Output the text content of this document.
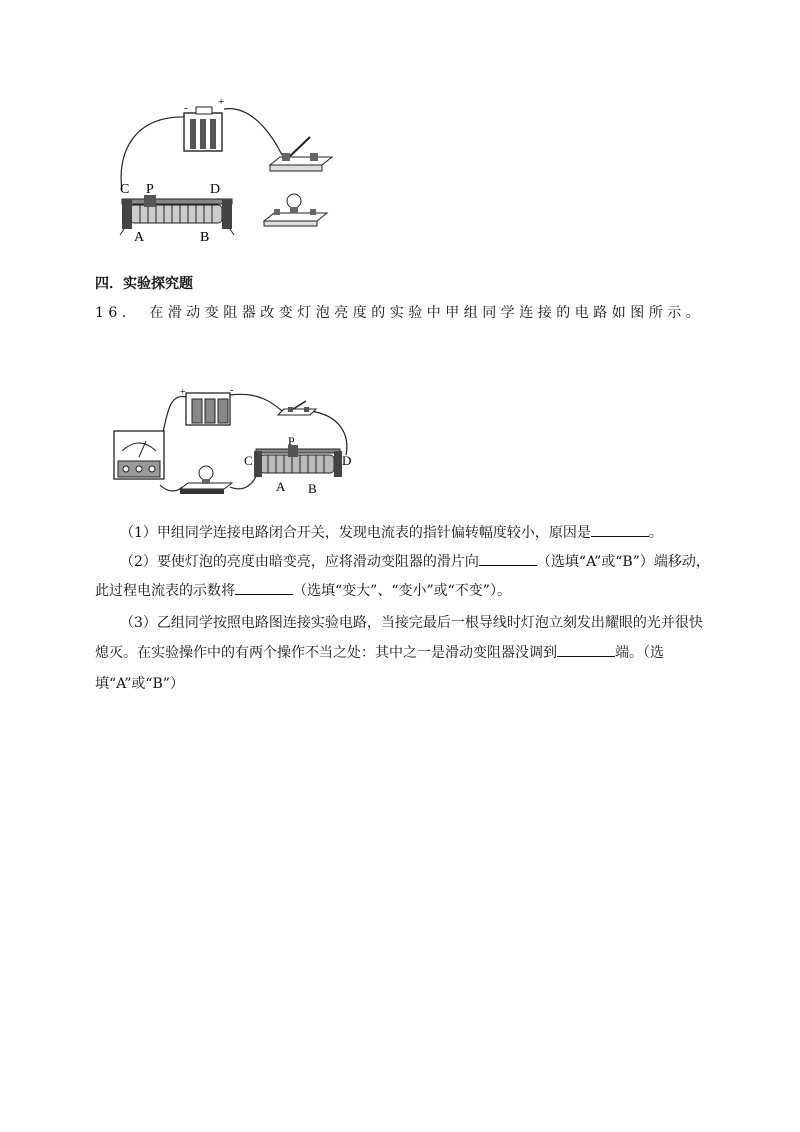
-	+
C P	D
A	B
四．实验探究题
16． 在滑动变阻器改变灯泡亮度的实验中甲组同学连接的电路如图所示。
+	-
C
P
D
A B
（1）甲组同学连接电路闭合开关，发现电流表的指针偏转幅度较小，原因是	。
（2）要使灯泡的亮度由暗变亮，应将滑动变阻器的滑片向	（选填“A”或“B”）端移动，
此过程电流表的示数将	（选填“变大”、“变小”或“不变”）。
（3）乙组同学按照电路图连接实验电路，当接完最后一根导线时灯泡立刻发出耀眼的光并很快
熄灭。在实验操作中的有两个操作不当之处：其中之一是滑动变阻器没调到	端。（选
填“A”或“B”）
